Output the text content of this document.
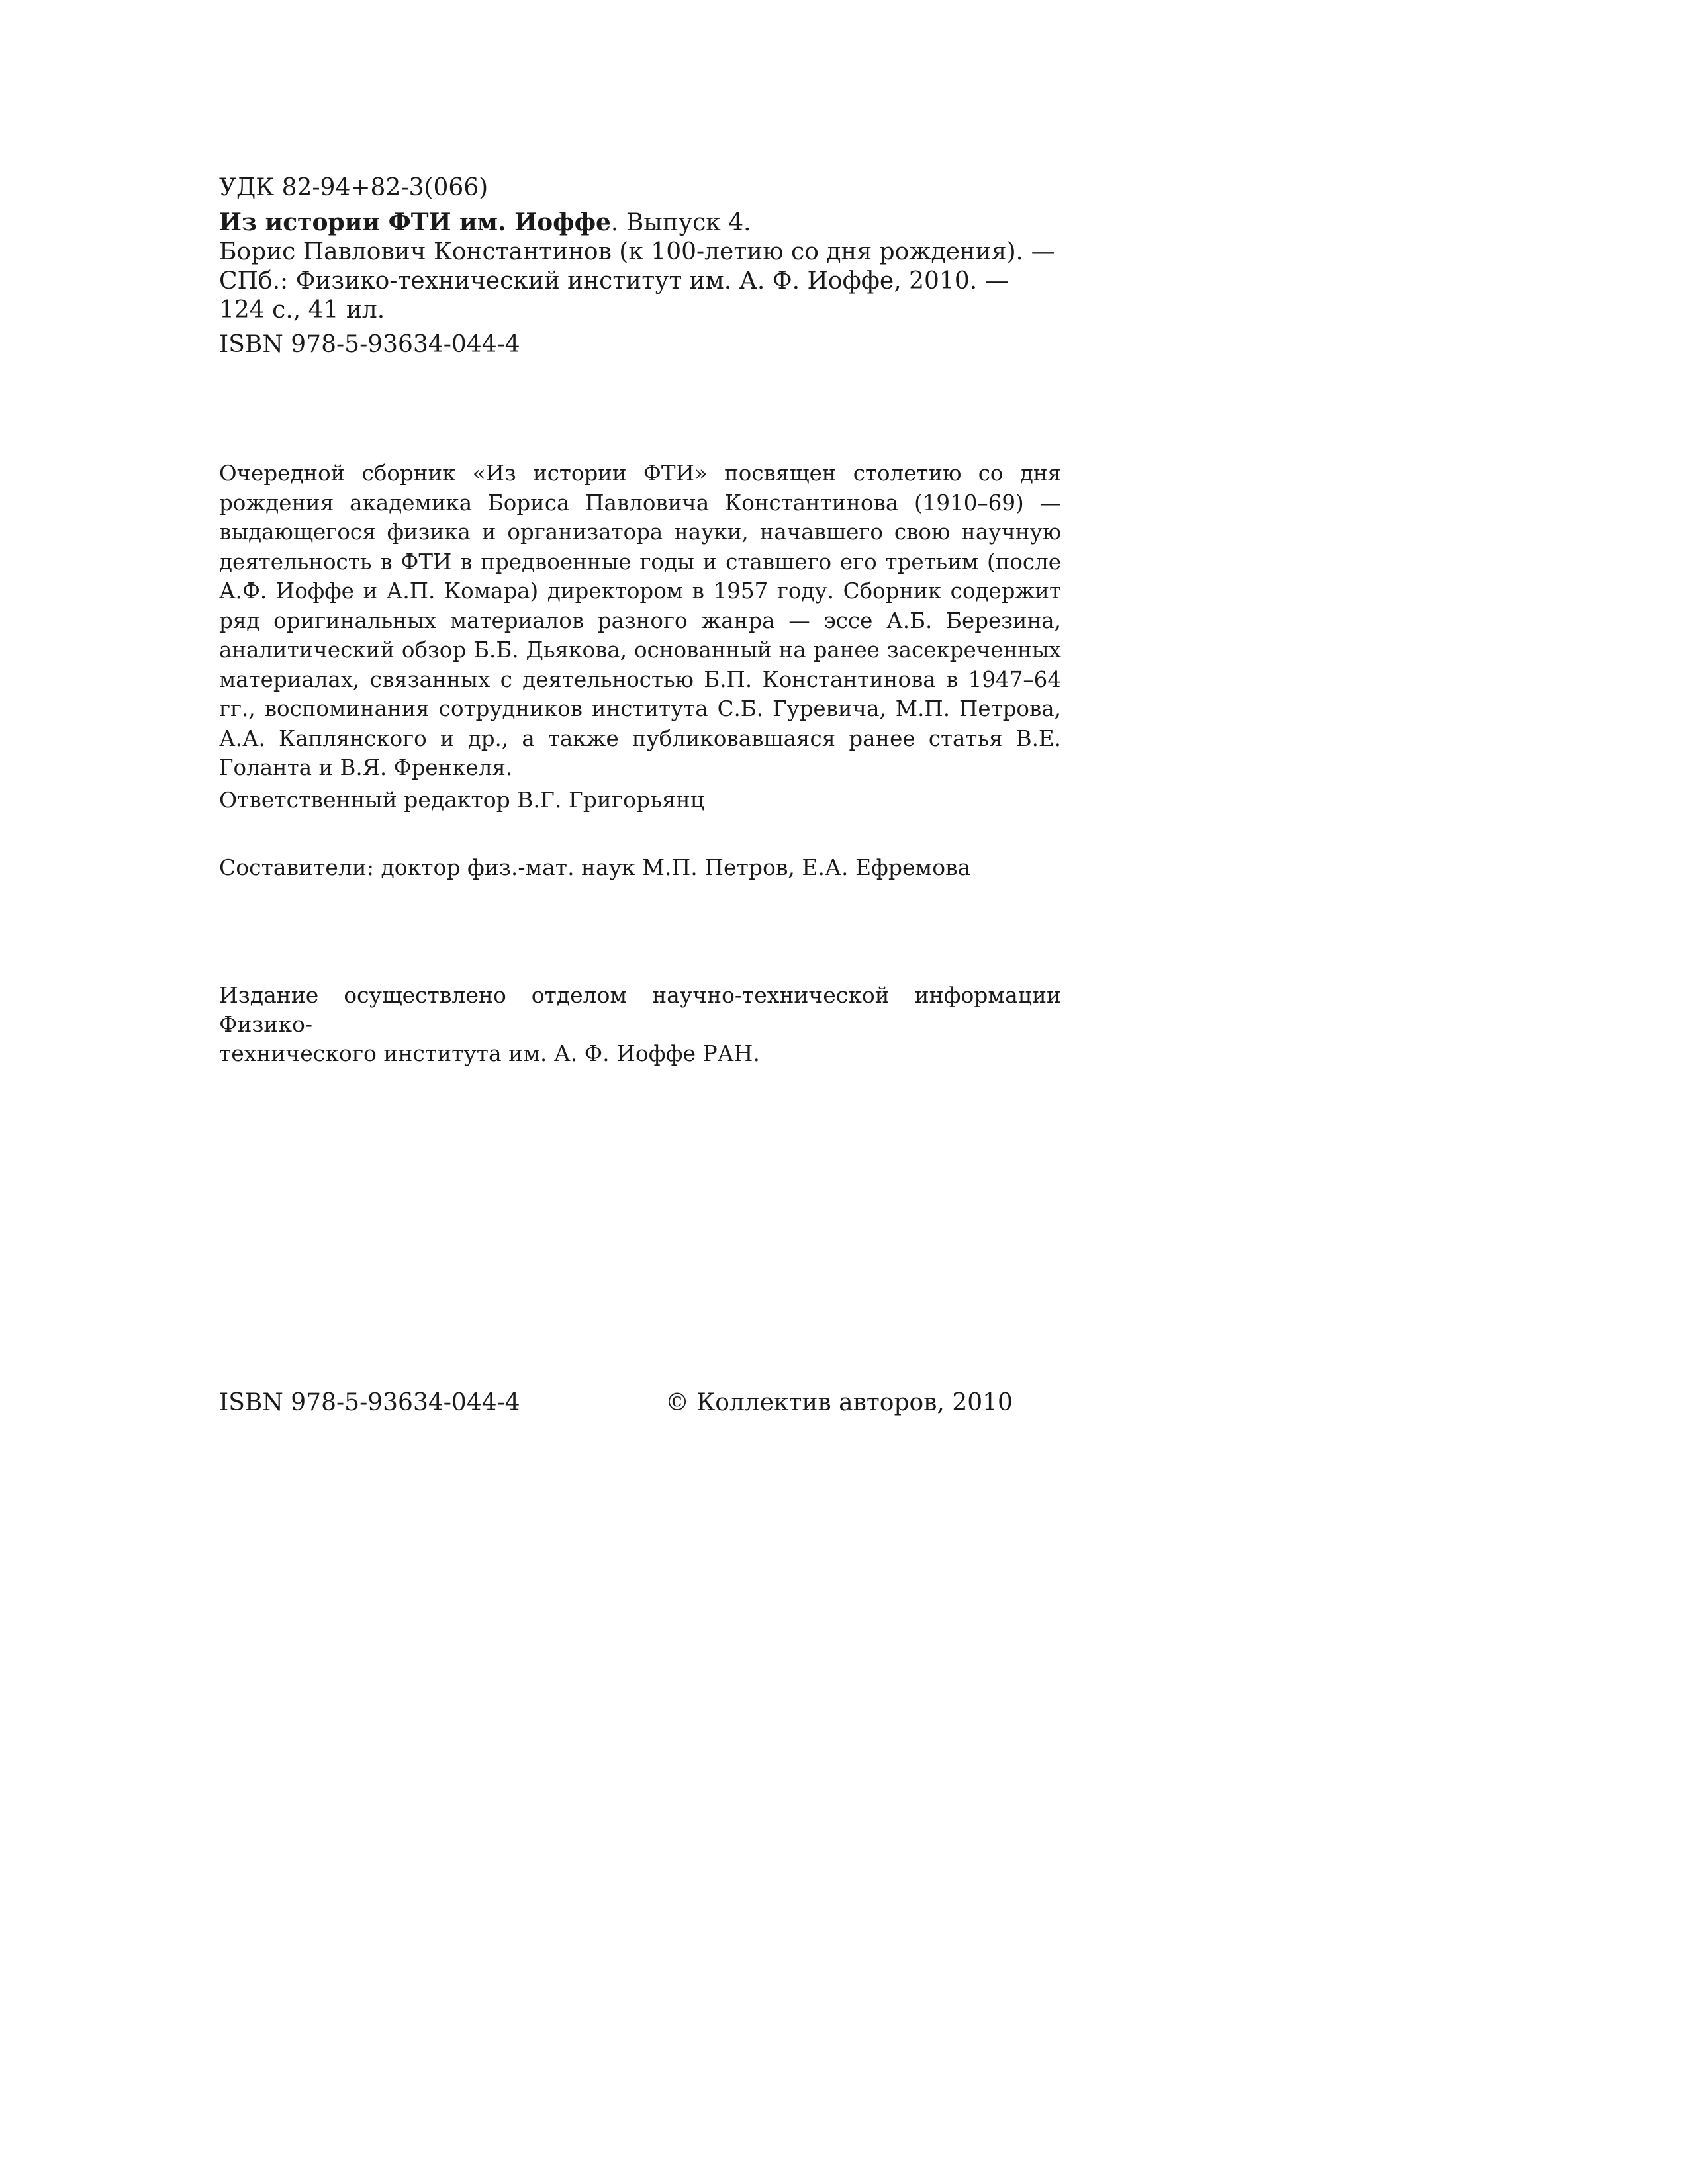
УДК 82-94+82-3(066)
Из истории ФТИ им. Иоффе. Выпуск 4.
Борис Павлович Константинов (к 100-летию со дня рождения). —
СПб.: Физико-технический институт им. А. Ф. Иоффе, 2010. —
124 с., 41 ил.
ISBN 978-5-93634-044-4

Очередной сборник «Из истории ФТИ» посвящен столетию со дня рождения академика Бориса Павловича Константинова (1910–69) — выдающегося физика и организатора науки, начавшего свою научную деятельность в ФТИ в предвоенные годы и ставшего его третьим (после А.Ф. Иоффе и А.П. Комара) директором в 1957 году. Сборник содержит ряд оригинальных материалов разного жанра — эссе А.Б. Березина, аналитический обзор Б.Б. Дьякова, основанный на ранее засекреченных материалах, связанных с деятельностью Б.П. Константинова в 1947–64 гг., воспоминания сотрудников института С.Б. Гуревича, М.П. Петрова, А.А. Каплянского и др., а также публиковавшаяся ранее статья В.Е. Голанта и В.Я. Френкеля.

Ответственный редактор В.Г. Григорьянц
Составители: доктор физ.-мат. наук М.П. Петров, Е.А. Ефремова
Издание осуществлено отделом научно-технической информации Физико-
технического института им. А. Ф. Иоффе РАН.
ISBN 978-5-93634-044-4	© Коллектив авторов, 2010
